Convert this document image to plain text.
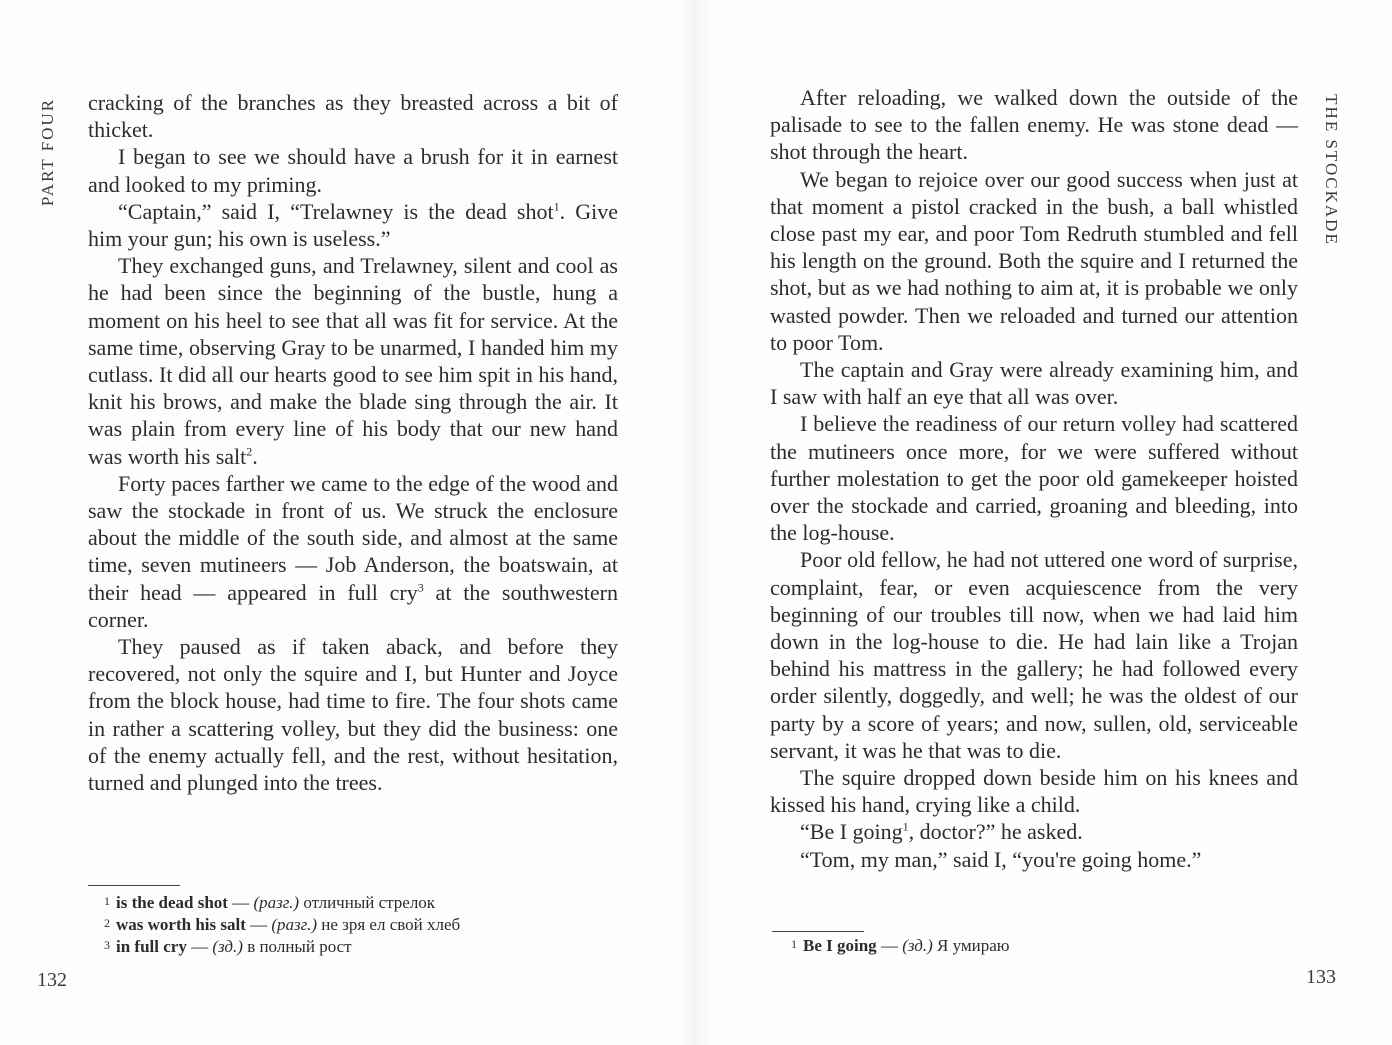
PART FOUR cracking of the branches as they breasted across a bit of thicket.

I began to see we should have a brush for it in earnest and looked to my priming.

“Captain,” said I, “Trelawney is the dead shot$^1$. Give him your gun; his own is useless.”

They exchanged guns, and Trelawney, silent and cool as he had been since the beginning of the bustle, hung a moment on his heel to see that all was fit for service. At the same time, observing Gray to be unarmed, I handed him my cutlass. It did all our hearts good to see him spit in his hand, knit his brows, and make the blade sing through the air. It was plain from every line of his body that our new hand was worth his salt$^2$.

Forty paces farther we came to the edge of the wood and saw the stockade in front of us. We struck the enclosure about the middle of the south side, and almost at the same time, seven mutineers — Job Anderson, the boatswain, at their head — appeared in full cry$^3$ at the southwestern corner.

They paused as if taken aback, and before they recovered, not only the squire and I, but Hunter and Joyce from the block house, had time to fire. The four shots came in rather a scattering volley, but they did the business: one of the enemy actually fell, and the rest, without hesitation, turned and plunged into the trees.

1 is the dead shot — (разг.) отличный стрелок
2 was worth his salt — (разг.) не зря ел свой хлеб
3 in full cry — (зд.) в полный рост
132
THE STOCKADE

After reloading, we walked down the outside of the palisade to see to the fallen enemy. He was stone dead — shot through the heart.

We began to rejoice over our good success when just at that moment a pistol cracked in the bush, a ball whistled close past my ear, and poor Tom Redruth stumbled and fell his length on the ground. Both the squire and I returned the shot, but as we had nothing to aim at, it is probable we only wasted powder. Then we reloaded and turned our attention to poor Tom.

The captain and Gray were already examining him, and I saw with half an eye that all was over.

I believe the readiness of our return volley had scattered the mutineers once more, for we were suffered without further molestation to get the poor old gamekeeper hoisted over the stockade and carried, groaning and bleeding, into the log-house.

Poor old fellow, he had not uttered one word of surprise, complaint, fear, or even acquiescence from the very beginning of our troubles till now, when we had laid him down in the log-house to die. He had lain like a Trojan behind his mattress in the gallery; he had followed every order silently, doggedly, and well; he was the oldest of our party by a score of years; and now, sullen, old, serviceable servant, it was he that was to die.

The squire dropped down beside him on his knees and kissed his hand, crying like a child.

“Be I going$^1$, doctor?” he asked.

“Tom, my man,” said I, “you're going home.”

1 Be I going — (зд.) Я умираю
133
